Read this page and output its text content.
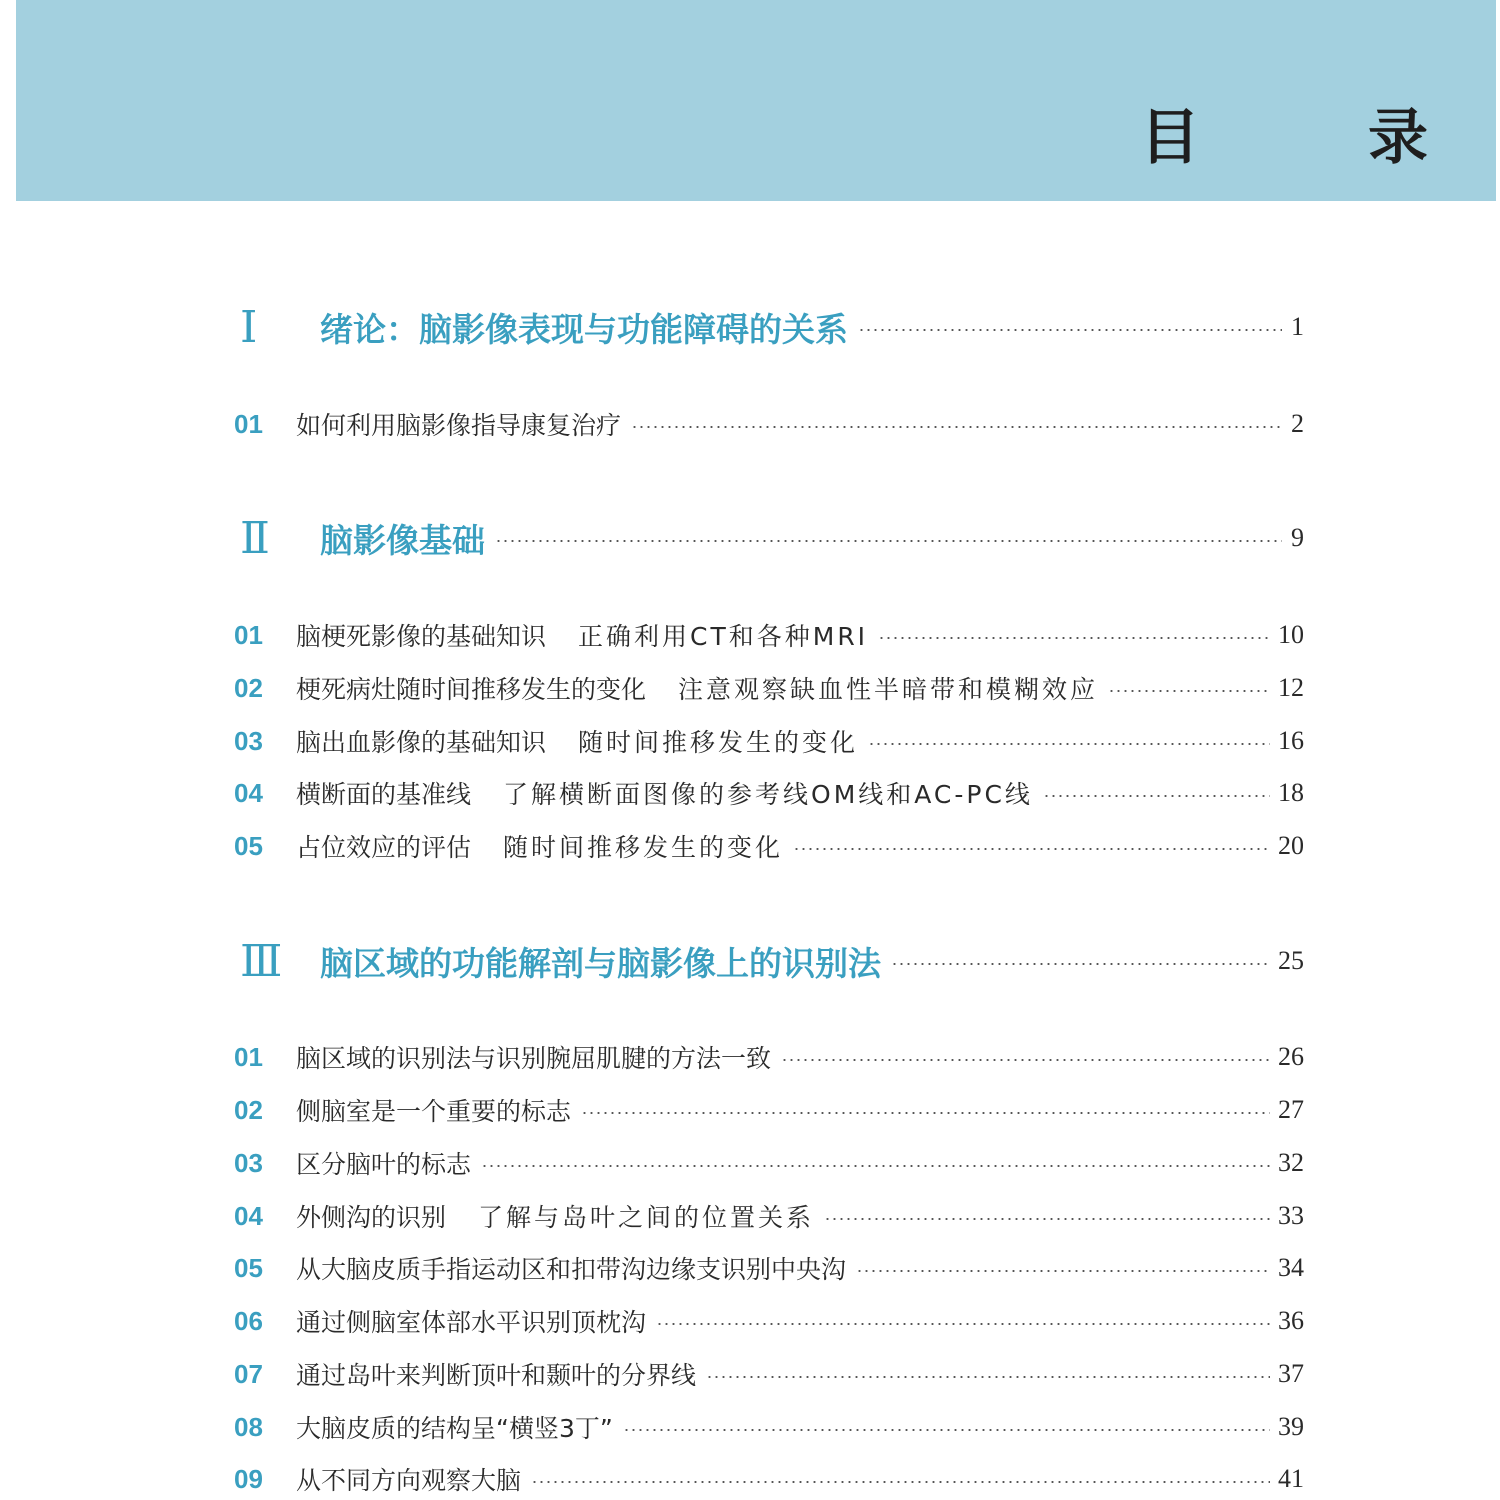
目　录
Ⅰ	绪论：脑影像表现与功能障碍的关系	1
01	如何利用脑影像指导康复治疗	2
Ⅱ	脑影像基础	9
01	脑梗死影像的基础知识 正确利用CT和各种MRI	10
02	梗死病灶随时间推移发生的变化 注意观察缺血性半暗带和模糊效应	12
03	脑出血影像的基础知识 随时间推移发生的变化	16
04	横断面的基准线 了解横断面图像的参考线OM线和AC-PC线	18
05	占位效应的评估 随时间推移发生的变化	20
Ⅲ	脑区域的功能解剖与脑影像上的识别法	25
01	脑区域的识别法与识别腕屈肌腱的方法一致	26
02	侧脑室是一个重要的标志	27
03	区分脑叶的标志	32
04	外侧沟的识别 了解与岛叶之间的位置关系	33
05	从大脑皮质手指运动区和扣带沟边缘支识别中央沟	34
06	通过侧脑室体部水平识别顶枕沟	36
07	通过岛叶来判断顶叶和颞叶的分界线	37
08	大脑皮质的结构呈“横竖3丁”	39
09	从不同方向观察大脑	41
